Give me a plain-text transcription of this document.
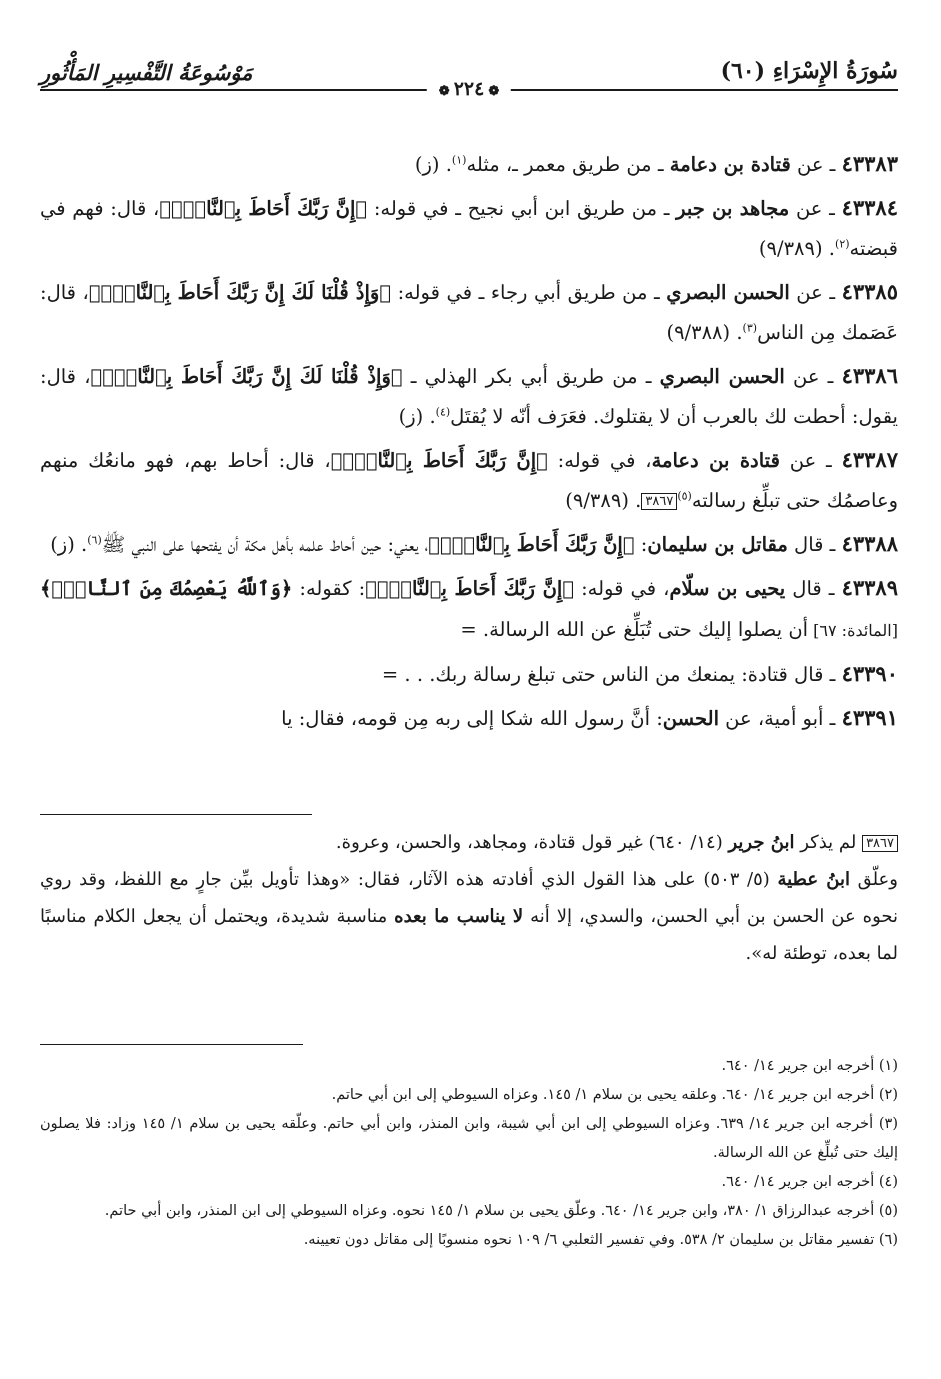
سُورَةُ الإِسْرَاءِ (٦٠)
❁٢٢٤❁
مَوْسُوعَةُ التَّفْسِيرِ المَأْثُورِ

٤٣٣٨٣ ـ عن قتادة بن دعامة ـ من طريق معمر ـ، مثله$^{(١)}$. (ز)

٤٣٣٨٤ ـ عن مجاهد بن جبر ـ من طريق ابن أبي نجيح ـ في قوله: ﴿إِنَّ رَبَّكَ أَحَاطَ بِٱلنَّاسِۚ﴾، قال: فهم في قبضته$^{(٢)}$. (٩/٣٨٩)

٤٣٣٨٥ ـ عن الحسن البصري ـ من طريق أبي رجاء ـ في قوله: ﴿وَإِذْ قُلْنَا لَكَ إِنَّ رَبَّكَ أَحَاطَ بِٱلنَّاسِۚ﴾، قال: عَصَمك مِن الناس$^{(٣)}$. (٩/٣٨٨)

٤٣٣٨٦ ـ عن الحسن البصري ـ من طريق أبي بكر الهذلي ـ ﴿وَإِذْ قُلْنَا لَكَ إِنَّ رَبَّكَ أَحَاطَ بِٱلنَّاسِۚ﴾، قال: يقول: أحطت لك بالعرب أن لا يقتلوك. فعَرَف أنّه لا يُقتَل$^{(٤)}$. (ز)

٤٣٣٨٧ ـ عن قتادة بن دعامة، في قوله: ﴿إِنَّ رَبَّكَ أَحَاطَ بِٱلنَّاسِۚ﴾، قال: أحاط بهم، فهو مانعُك منهم وعاصمُك حتى تبلِّغ رسالته$^{(٥)}$٣٨٦٧. (٩/٣٨٩)

٤٣٣٨٨ ـ قال مقاتل بن سليمان: ﴿إِنَّ رَبَّكَ أَحَاطَ بِٱلنَّاسِۚ﴾، يعني: حين أحاط علمه بأهل مكة أن يفتحها على النبي ﷺ$^{(٦)}$. (ز)

٤٣٣٨٩ ـ قال يحيى بن سلّام، في قوله: ﴿إِنَّ رَبَّكَ أَحَاطَ بِٱلنَّاسِۚ﴾: كقوله: ﴿وَٱللَّهُ يَعْصِمُكَ مِنَ ٱلنَّاسِۗ﴾ [المائدة: ٦٧] أن يصلوا إليك حتى تُبَلِّغ عن الله الرسالة. =

٤٣٣٩٠ ـ قال قتادة: يمنعك من الناس حتى تبلغ رسالة ربك. . . =

٤٣٣٩١ ـ أبو أمية، عن الحسن: أنَّ رسول الله شكا إلى ربه مِن قومه، فقال: يا

٣٨٦٧ لم يذكر ابنُ جرير (١٤/ ٦٤٠) غير قول قتادة، ومجاهد، والحسن، وعروة.

وعلّق ابنُ عطية (٥/ ٥٠٣) على هذا القول الذي أفادته هذه الآثار، فقال: «وهذا تأويل بيِّن جارٍ مع اللفظ، وقد روي نحوه عن الحسن بن أبي الحسن، والسدي، إلا أنه لا يناسب ما بعده مناسبة شديدة، ويحتمل أن يجعل الكلام مناسبًا لما بعده، توطئة له».

(١) أخرجه ابن جرير ١٤/ ٦٤٠.

(٢) أخرجه ابن جرير ١٤/ ٦٤٠. وعلقه يحيى بن سلام ١/ ١٤٥. وعزاه السيوطي إلى ابن أبي حاتم.

(٣) أخرجه ابن جرير ١٤/ ٦٣٩. وعزاه السيوطي إلى ابن أبي شيبة، وابن المنذر، وابن أبي حاتم. وعلّقه يحيى بن سلام ١/ ١٤٥ وزاد: فلا يصلون إليك حتى تُبلِّغ عن الله الرسالة.

(٤) أخرجه ابن جرير ١٤/ ٦٤٠.

(٥) أخرجه عبدالرزاق ١/ ٣٨٠، وابن جرير ١٤/ ٦٤٠. وعلّق يحيى بن سلام ١/ ١٤٥ نحوه. وعزاه السيوطي إلى ابن المنذر، وابن أبي حاتم.

(٦) تفسير مقاتل بن سليمان ٢/ ٥٣٨. وفي تفسير الثعلبي ٦/ ١٠٩ نحوه منسوبًا إلى مقاتل دون تعيينه.
